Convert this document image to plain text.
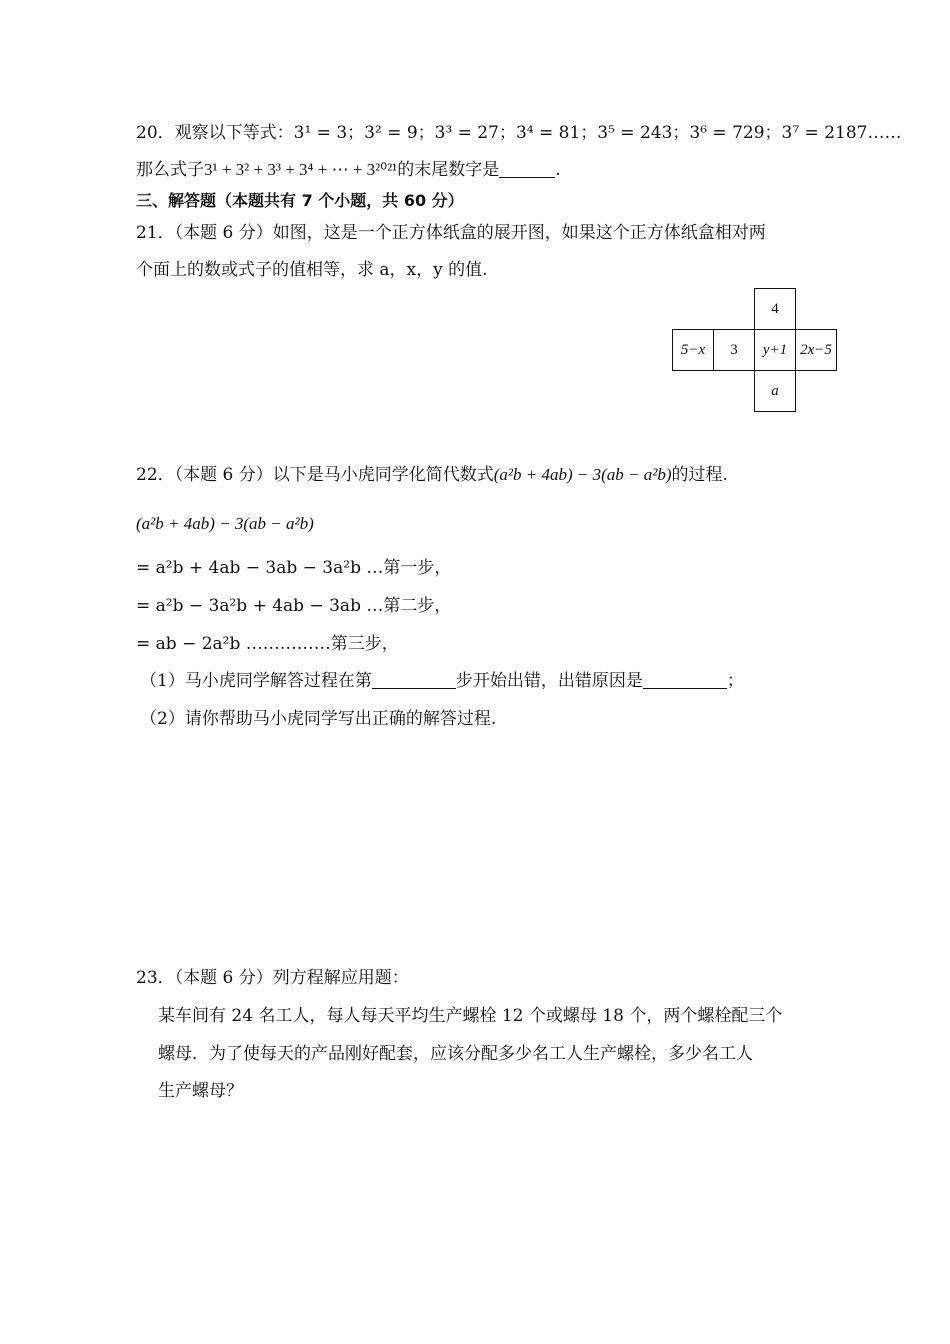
20．观察以下等式：3¹ = 3；3² = 9；3³ = 27；3⁴ = 81；3⁵ = 243；3⁶ = 729；3⁷ = 2187……
那么式子3¹ + 3² + 3³ + 3⁴ + ⋯ + 3²⁰²¹的末尾数字是	.
三、解答题（本题共有 7 个小题，共 60 分）
21．（本题 6 分）如图，这是一个正方体纸盒的展开图，如果这个正方体纸盒相对两
个面上的数或式子的值相等，求 a，x，y 的值.
		4	
5−x	3	y+1	2x−5
		a	
22．（本题 6 分）以下是马小虎同学化简代数式(a²b + 4ab) − 3(ab − a²b)的过程.
(a²b + 4ab) − 3(ab − a²b)
= a²b + 4ab − 3ab − 3a²b …第一步，
= a²b − 3a²b + 4ab − 3ab …第二步，
= ab − 2a²b ……………第三步，
（1）马小虎同学解答过程在第	步开始出错，出错原因是	；
（2）请你帮助马小虎同学写出正确的解答过程.
23．（本题 6 分）列方程解应用题：
某车间有 24 名工人，每人每天平均生产螺栓 12 个或螺母 18 个，两个螺栓配三个
螺母．为了使每天的产品刚好配套，应该分配多少名工人生产螺栓，多少名工人
生产螺母？
